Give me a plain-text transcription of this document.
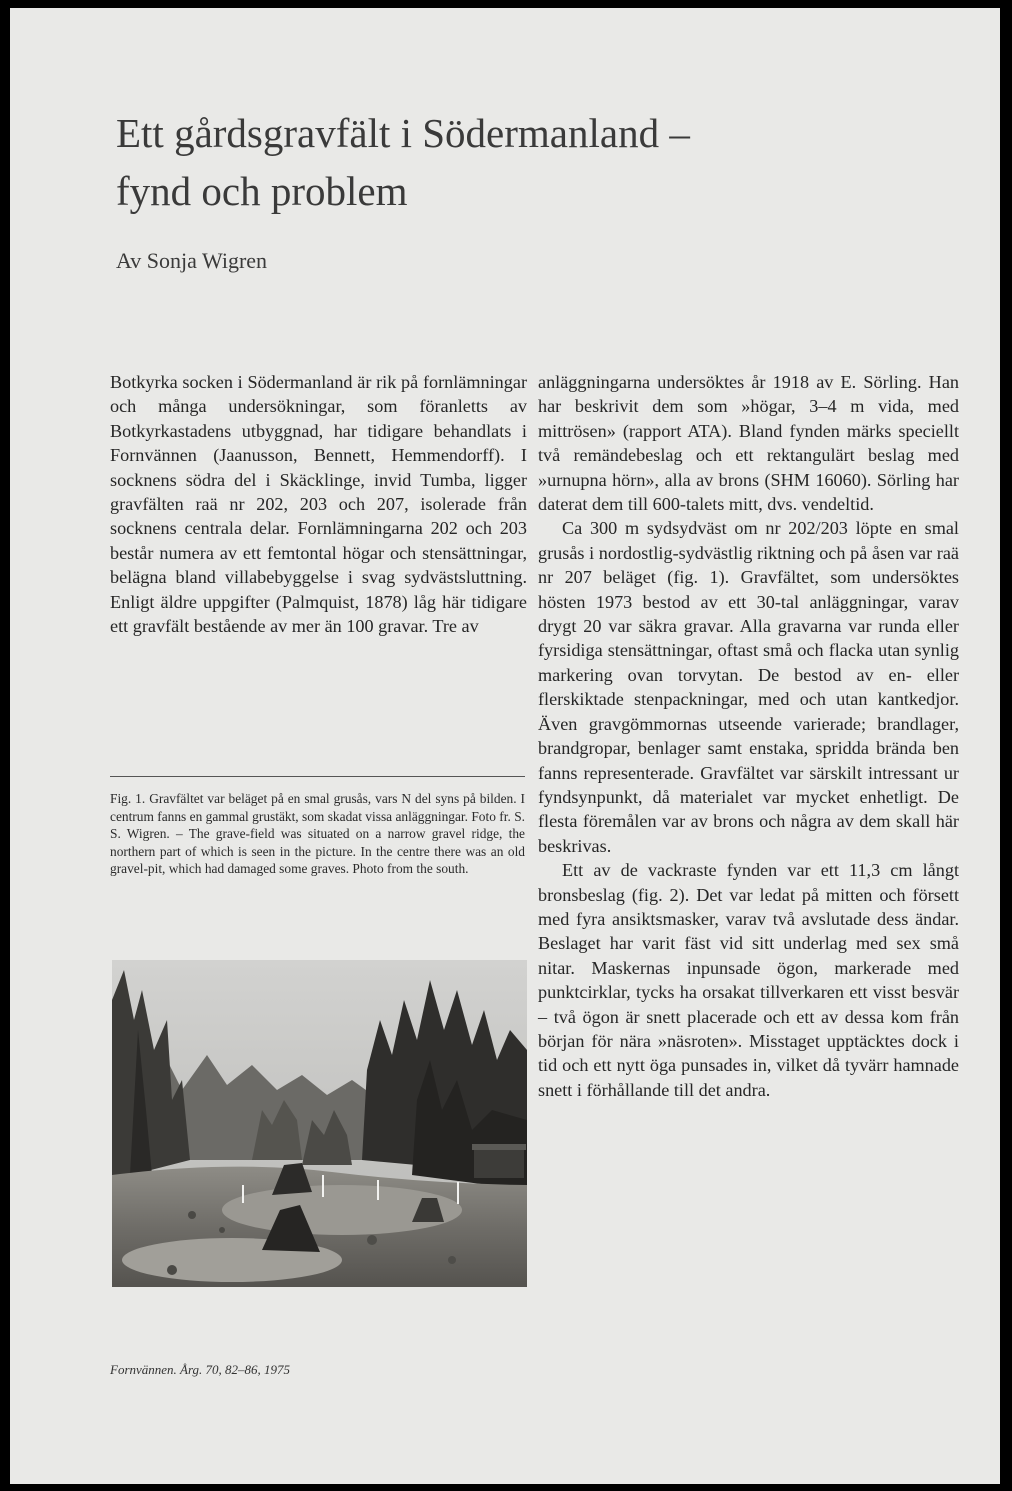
Ett gårdsgravfält i Södermanland –
fynd och problem

Av Sonja Wigren

Botkyrka socken i Södermanland är rik på fornlämningar och många undersökningar, som föranletts av Botkyrkastadens utbyggnad, har tidigare behandlats i Fornvännen (Jaanusson, Bennett, Hemmendorff). I socknens södra del i Skäcklinge, invid Tumba, ligger gravfälten raä nr 202, 203 och 207, isolerade från socknens centrala delar. Fornlämningarna 202 och 203 består numera av ett femtontal högar och stensättningar, belägna bland villabebyggelse i svag sydvästsluttning. Enligt äldre uppgifter (Palmquist, 1878) låg här tidigare ett gravfält bestående av mer än 100 gravar. Tre av

Fig. 1. Gravfältet var beläget på en smal grusås, vars N del syns på bilden. I centrum fanns en gammal grustäkt, som skadat vissa anläggningar. Foto fr. S. S. Wigren. – The grave-field was situated on a narrow gravel ridge, the northern part of which is seen in the picture. In the centre there was an old gravel-pit, which had damaged some graves. Photo from the south.

anläggningarna undersöktes år 1918 av E. Sörling. Han har beskrivit dem som »högar, 3–4 m vida, med mittrösen» (rapport ATA). Bland fynden märks speciellt två remändebeslag och ett rektangulärt beslag med »urnupna hörn», alla av brons (SHM 16060). Sörling har daterat dem till 600-talets mitt, dvs. vendeltid.

Ca 300 m sydsydväst om nr 202/203 löpte en smal grusås i nordostlig-sydvästlig riktning och på åsen var raä nr 207 beläget (fig. 1). Gravfältet, som undersöktes hösten 1973 bestod av ett 30-tal anläggningar, varav drygt 20 var säkra gravar. Alla gravarna var runda eller fyrsidiga stensättningar, oftast små och flacka utan synlig markering ovan torvytan. De bestod av en- eller flerskiktade stenpackningar, med och utan kantkedjor. Även gravgömmornas utseende varierade; brandlager, brandgropar, benlager samt enstaka, spridda brända ben fanns representerade. Gravfältet var särskilt intressant ur fyndsynpunkt, då materialet var mycket enhetligt. De flesta föremålen var av brons och några av dem skall här beskrivas.

Ett av de vackraste fynden var ett 11,3 cm långt bronsbeslag (fig. 2). Det var ledat på mitten och försett med fyra ansiktsmasker, varav två avslutade dess ändar. Beslaget har varit fäst vid sitt underlag med sex små nitar. Maskernas inpunsade ögon, markerade med punktcirklar, tycks ha orsakat tillverkaren ett visst besvär – två ögon är snett placerade och ett av dessa kom från början för nära »näsroten». Misstaget upptäcktes dock i tid och ett nytt öga punsades in, vilket då tyvärr hamnade snett i förhållande till det andra.

Fornvännen. Årg. 70, 82–86, 1975
